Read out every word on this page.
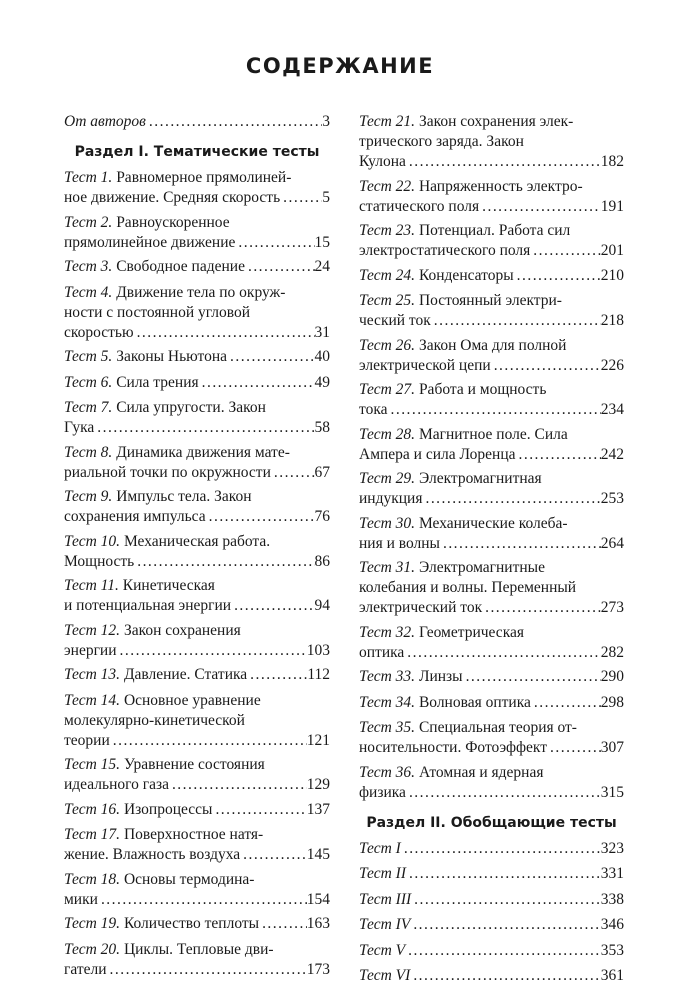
СОДЕРЖАНИЕ
От авторов . . .	3
Раздел I. Тематические тесты
Тест 1. Равномерное прямолиней-
ное движение. Средняя скорость . . .	5
Тест 2. Равноускоренное
прямолинейное движение . . .	15
Тест 3. Свободное падение . . .	24
Тест 4. Движение тела по окруж-
ности с постоянной угловой
скоростью . . .	31
Тест 5. Законы Ньютона . . .	40
Тест 6. Сила трения . . .	49
Тест 7. Сила упругости. Закон
Гука . . .	58
Тест 8. Динамика движения мате-
риальной точки по окружности . . .	67
Тест 9. Импульс тела. Закон
сохранения импульса . . .	76
Тест 10. Механическая работа.
Мощность . . .	86
Тест 11. Кинетическая
и потенциальная энергии . . .	94
Тест 12. Закон сохранения
энергии . . .	103
Тест 13. Давление. Статика . . .	112
Тест 14. Основное уравнение
молекулярно-кинетической
теории . . .	121
Тест 15. Уравнение состояния
идеального газа . . .	129
Тест 16. Изопроцессы . . .	137
Тест 17. Поверхностное натя-
жение. Влажность воздуха . . .	145
Тест 18. Основы термодина-
мики . . .	154
Тест 19. Количество теплоты . . .	163
Тест 20. Циклы. Тепловые дви-
гатели . . .	173
Тест 21. Закон сохранения элек-
трического заряда. Закон
Кулона . . .	182
Тест 22. Напряженность электро-
статического поля . . .	191
Тест 23. Потенциал. Работа сил
электростатического поля . . .	201
Тест 24. Конденсаторы . . .	210
Тест 25. Постоянный электри-
ческий ток . . .	218
Тест 26. Закон Ома для полной
электрической цепи . . .	226
Тест 27. Работа и мощность
тока . . .	234
Тест 28. Магнитное поле. Сила
Ампера и сила Лоренца . . .	242
Тест 29. Электромагнитная
индукция . . .	253
Тест 30. Механические колеба-
ния и волны . . .	264
Тест 31. Электромагнитные
колебания и волны. Переменный
электрический ток . . .	273
Тест 32. Геометрическая
оптика . . .	282
Тест 33. Линзы . . .	290
Тест 34. Волновая оптика . . .	298
Тест 35. Специальная теория от-
носительности. Фотоэффект . . .	307
Тест 36. Атомная и ядерная
физика . . .	315
Раздел II. Обобщающие тесты
Тест I . . .	323
Тест II . . .	331
Тест III . . .	338
Тест IV . . .	346
Тест V . . .	353
Тест VI . . .	361
